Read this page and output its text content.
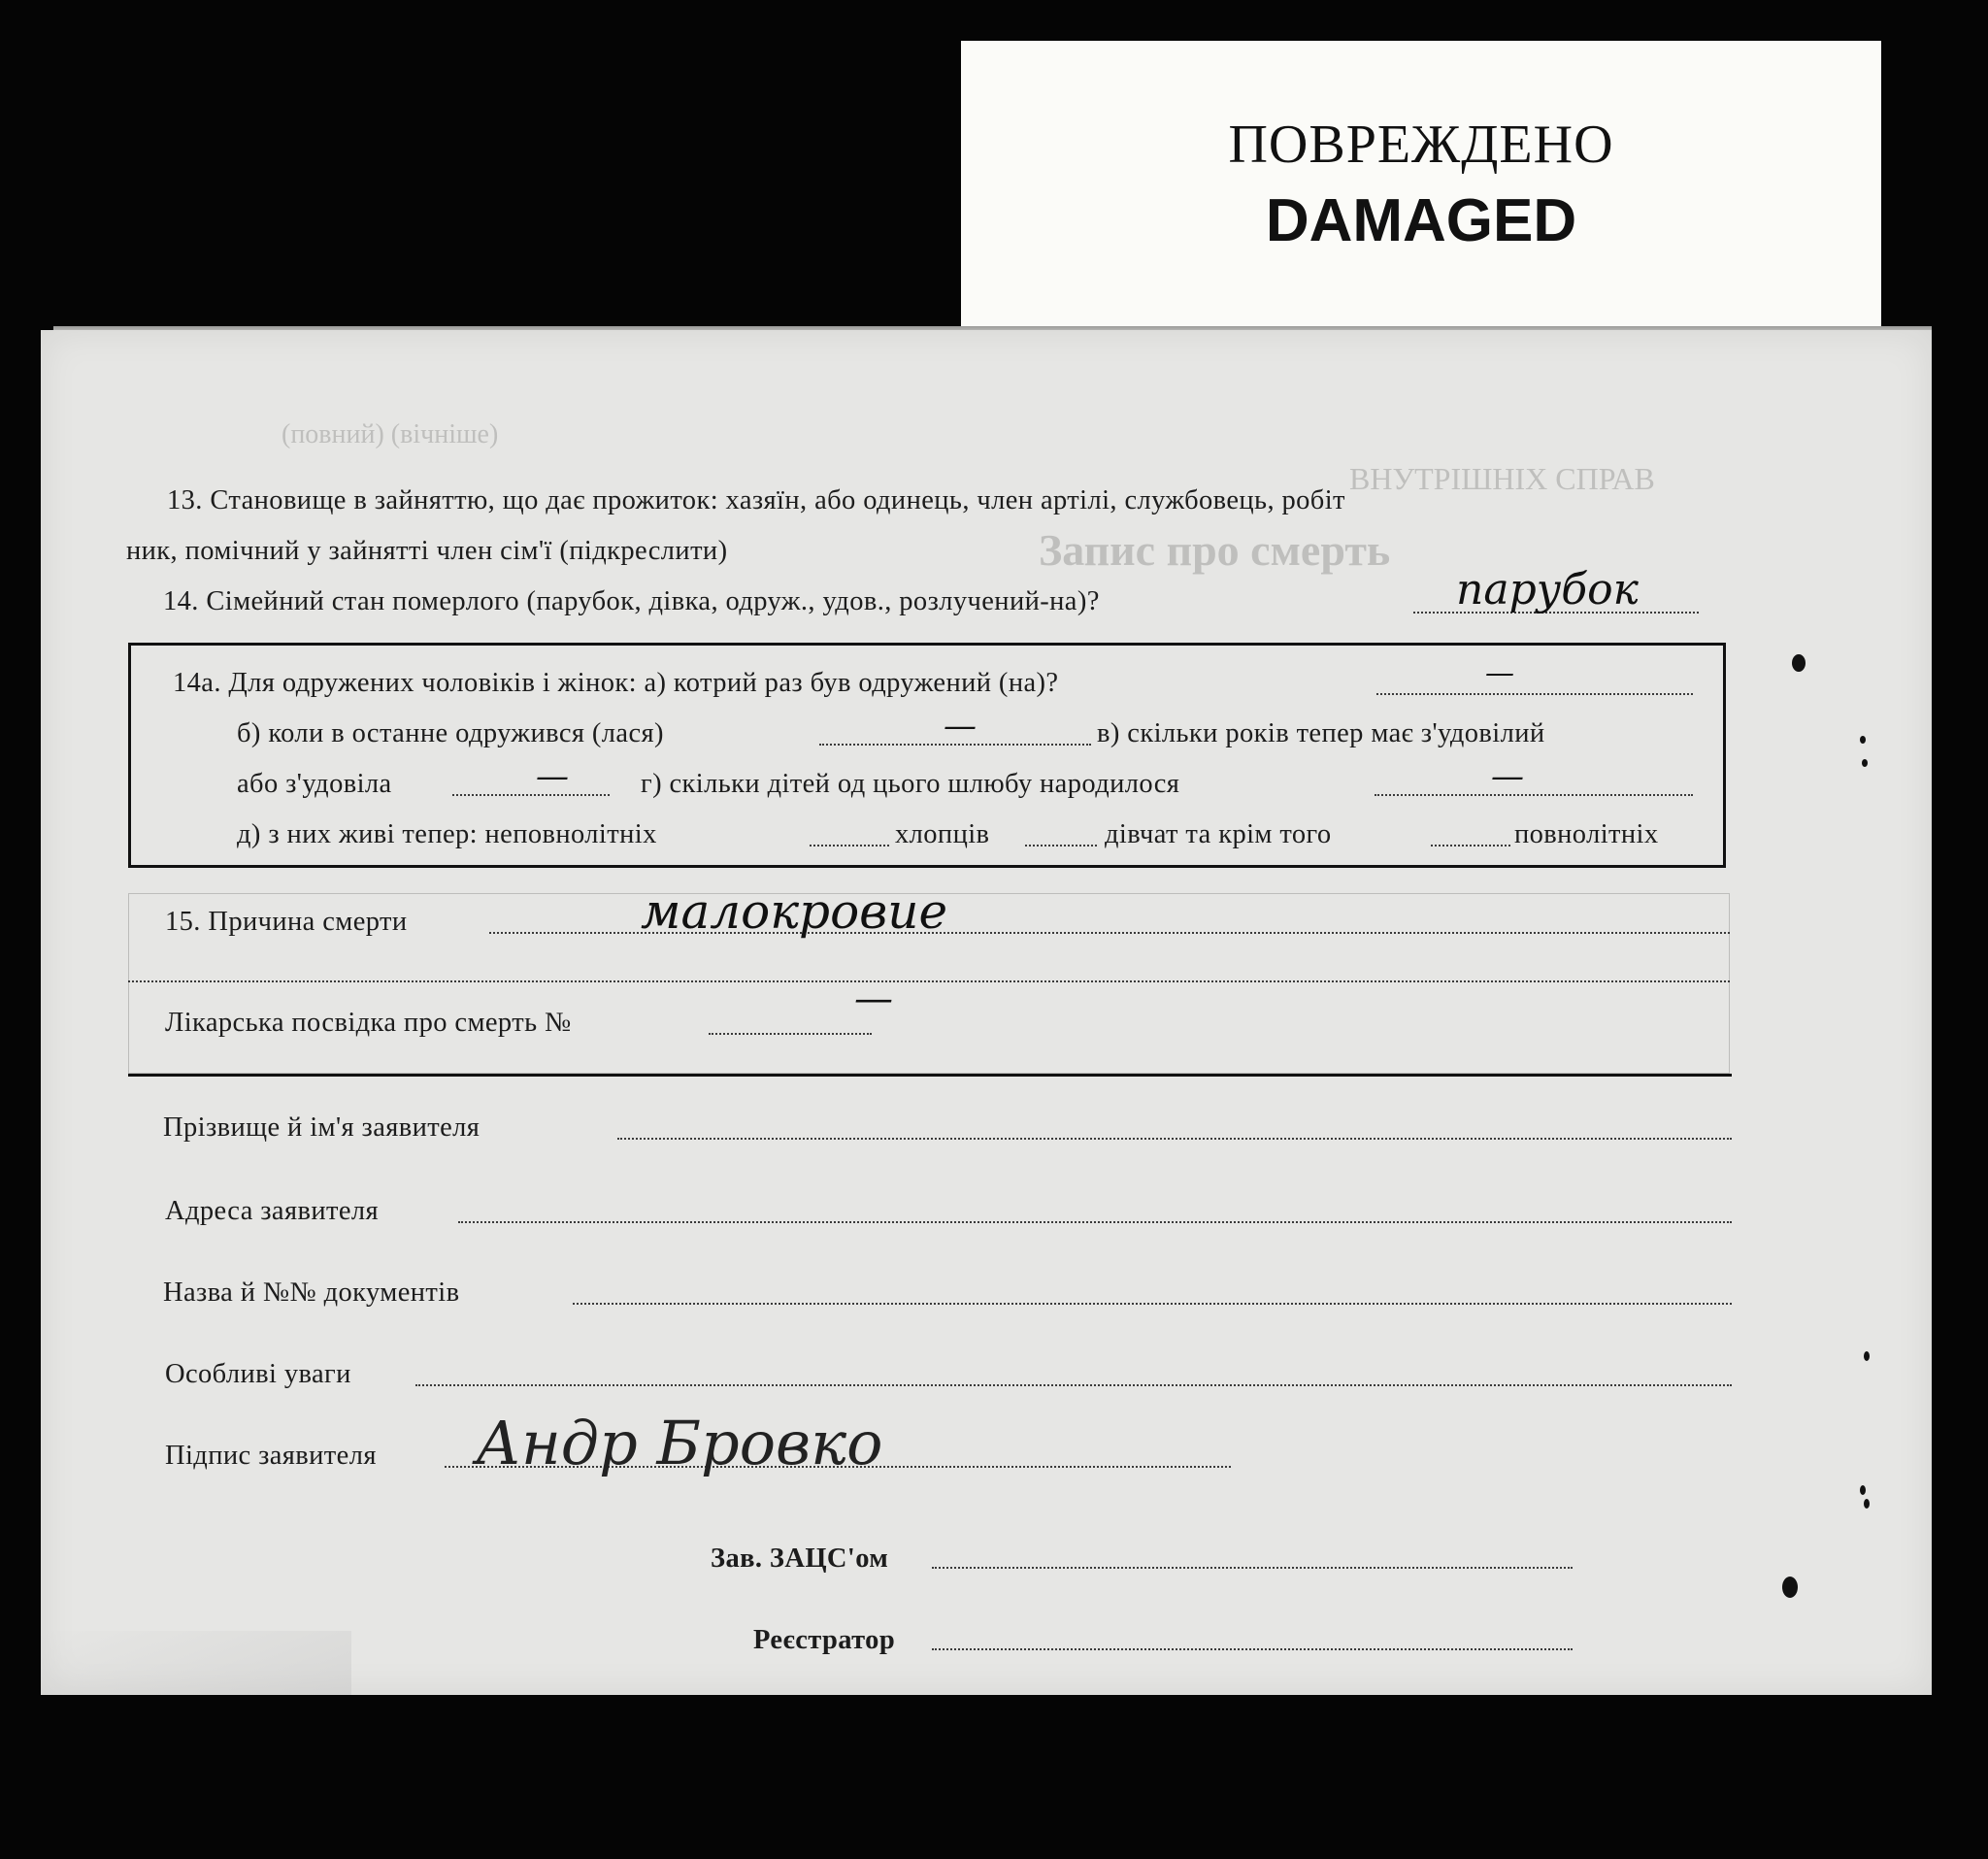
ПОВРЕЖДЕНО
DAMAGED
(повний) (вічніше)
ВНУТРІШНІХ СПРАВ
Запис про смерть
13. Становище в зайняттю, що дає прожиток: хазяїн, або одинець, член артілі, службовець, робіт
ник, помічний у зайнятті член сім'ї (підкреслити)
14. Сімейний стан померлого (парубок, дівка, одруж., удов., розлучений-на)?	парубок
14а. Для одружених чоловіків і жінок: а) котрий раз був одружений (на)?	—
б) коли в останне одружився (лася)	—	в) скільки років тепер має з'удовілий
або з'удовіла	—	г) скільки дітей од цього шлюбу народилося	—
д) з них живі тепер: неповнолітніх	хлопців	дівчат та крім того	повнолітніх
15. Причина смерти	малокровие
Лікарська посвідка про смерть №
—
Прізвище й ім'я заявителя
Адреса заявителя
Назва й №№ документів
Особливі уваги
Підпис заявителя Андр Бровко
Зав. ЗАЦС'ом
Реєстратор
